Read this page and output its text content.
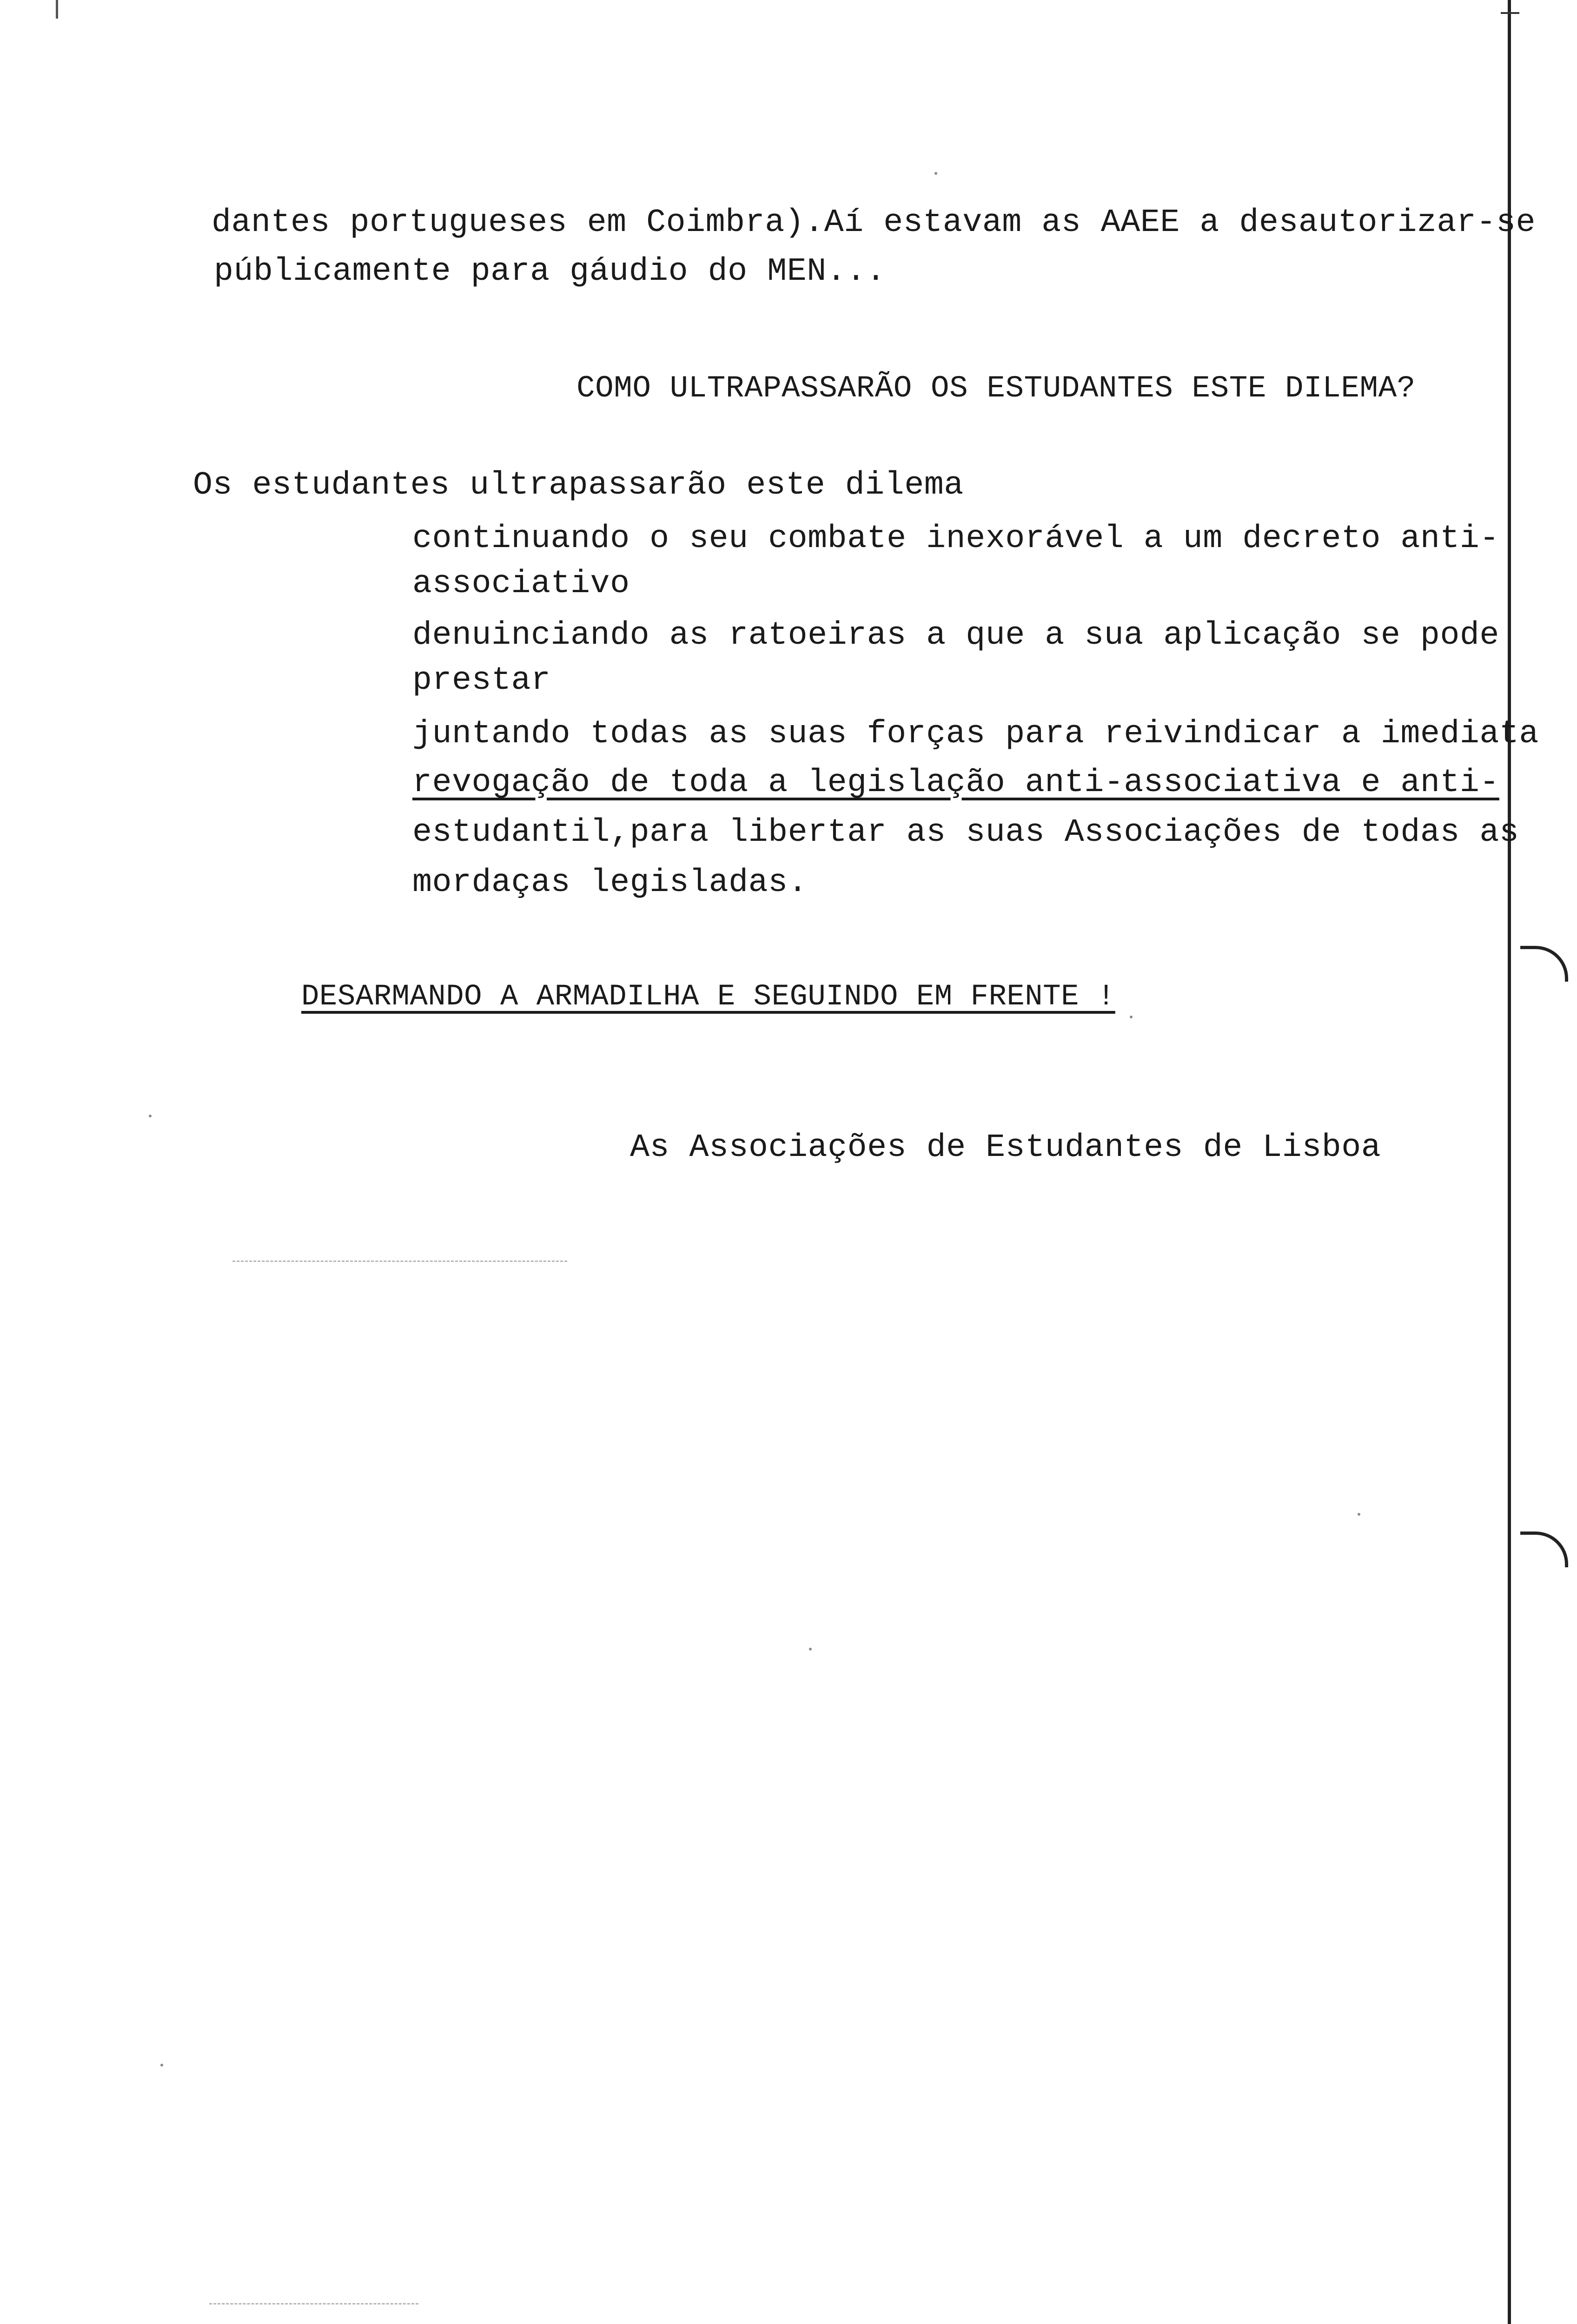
dantes portugueses em Coimbra).Aí estavam as AAEE a desautorizar-se
públicamente para gáudio do MEN...
COMO ULTRAPASSARÃO OS ESTUDANTES ESTE DILEMA?
Os estudantes ultrapassarão este dilema
continuando o seu combate inexorável a um decreto anti-
associativo
denuinciando as ratoeiras a que a sua aplicação se pode
prestar
juntando todas as suas forças para reivindicar a imediata
revogação de toda a legislação anti-associativa e anti-
estudantil,para libertar as suas Associações de todas as
mordaças legisladas.
DESARMANDO A ARMADILHA E SEGUINDO EM FRENTE !
As Associações de Estudantes de Lisboa
